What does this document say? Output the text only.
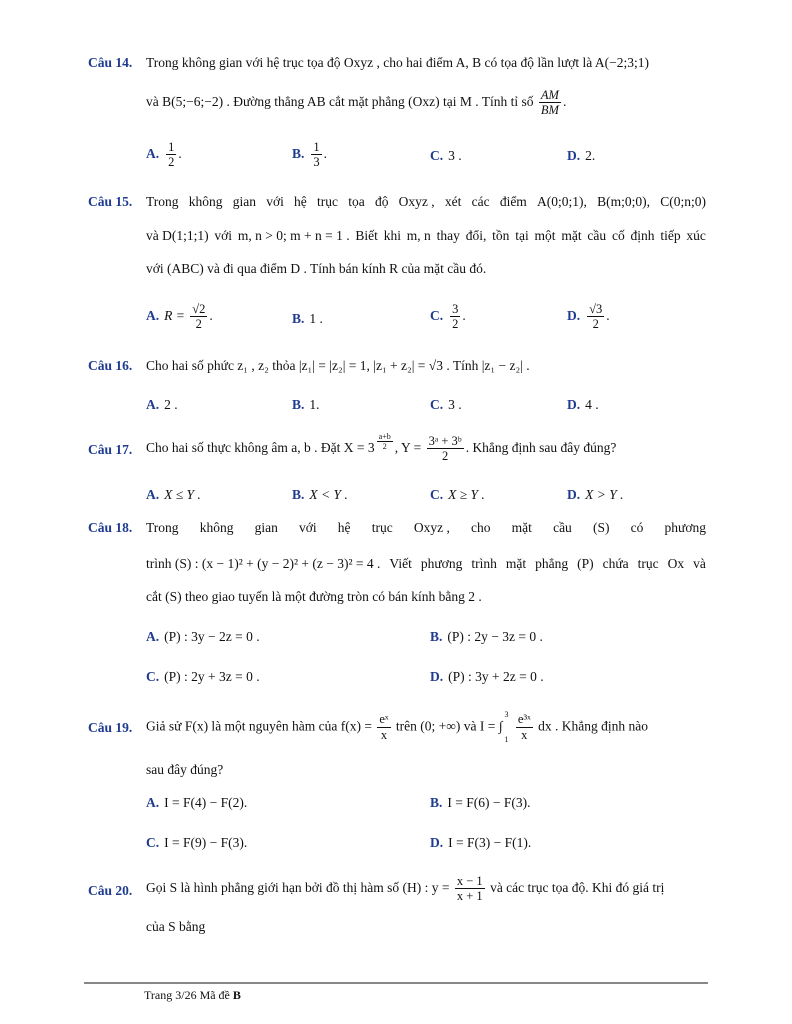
Câu 14. Trong không gian với hệ trục tọa độ Oxyz , cho hai điểm A, B có tọa độ lần lượt là A(−2;3;1)
và B(5;−6;−2) . Đường thẳng AB cắt mặt phẳng (Oxz) tại M . Tính tỉ số $\frac{AM}{BM}$ .
A. $\frac{1}{2}$ .	B. $\frac{1}{3}$ .	C. 3 .	D. 2.
Câu 15. Trong không gian với hệ trục tọa độ Oxyz , xét các điểm A(0;0;1), B(m;0;0), C(0;n;0)
và D(1;1;1) với m, n > 0; m + n = 1 . Biết khi m, n thay đổi, tồn tại một mặt cầu cố định tiếp xúc
với (ABC) và đi qua điểm D . Tính bán kính R của mặt cầu đó.
A. $R = \frac{√2}{2}$ .	B. 1 .	C. $\frac{3}{2}$ .	D. $\frac{√3}{2}$ .
Câu 16. Cho hai số phức z₁ , z₂ thỏa |z₁| = |z₂| = 1, |z₁ + z₂| = √3 . Tính |z₁ − z₂| .
A. 2 .	B. 1.	C. 3 .	D. 4 .
Câu 17. Cho hai số thực không âm a, b . Đặt $X = 3 \frac{a+b}{2}$ , $Y = \frac{\text{3ᵃ + 3ᵇ}}{2}$ . Khẳng định sau đây đúng?
A. X ≤ Y .	B. X < Y .	C. X ≥ Y .	D. X > Y .
Câu 18. Trong không gian với hệ trục Oxyz , cho mặt cầu (S) có phương
trình (S) : (x − 1)² + (y − 2)² + (z − 3)² = 4 . Viết phương trình mặt phẳng (P) chứa trục Ox và
cắt (S) theo giao tuyến là một đường tròn có bán kính bằng 2 .
A. (P) : 3y − 2z = 0 .	B. (P) : 2y − 3z = 0 .
C. (P) : 2y + 3z = 0 .	D. (P) : 3y + 2z = 0 .
Câu 19. Giả sử F(x) là một nguyên hàm của $f(x) = \frac{\text{eˣ}}{x}$ trên (0; +∞) và I = ∫
3
1
$\frac{\text{e³ˣ}}{x}$ dx . Khẳng định nào
sau đây đúng?
A. I = F(4) − F(2).	B. I = F(6) − F(3).
C. I = F(9) − F(3).	D. I = F(3) − F(1).
Câu 20. Gọi S là hình phẳng giới hạn bởi đồ thị hàm số (H) : $y = \frac{x - 1}{x + 1}$ và các trục tọa độ. Khi đó giá trị
của S bằng
Trang 3/26 Mã đề B
